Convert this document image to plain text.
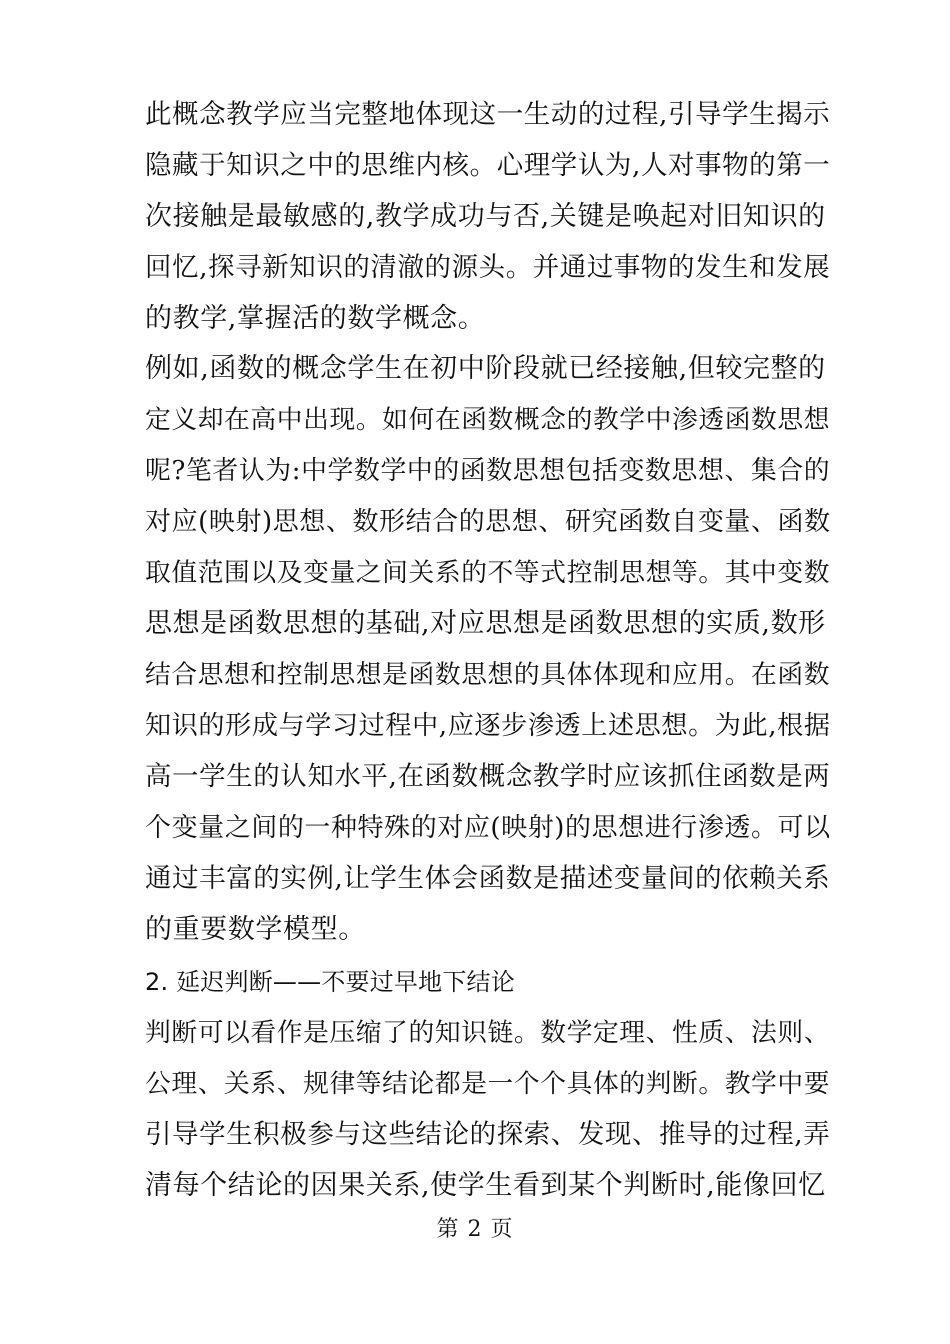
此概念教学应当完整地体现这一生动的过程,引导学生揭示
隐藏于知识之中的思维内核。心理学认为,人对事物的第一
次接触是最敏感的,教学成功与否,关键是唤起对旧知识的
回忆,探寻新知识的清澈的源头。并通过事物的发生和发展
的教学,掌握活的数学概念。
例如,函数的概念学生在初中阶段就已经接触,但较完整的
定义却在高中出现。如何在函数概念的教学中渗透函数思想
呢?笔者认为:中学数学中的函数思想包括变数思想、集合的
对应(映射)思想、数形结合的思想、研究函数自变量、函数
取值范围以及变量之间关系的不等式控制思想等。其中变数
思想是函数思想的基础,对应思想是函数思想的实质,数形
结合思想和控制思想是函数思想的具体体现和应用。在函数
知识的形成与学习过程中,应逐步渗透上述思想。为此,根据
高一学生的认知水平,在函数概念教学时应该抓住函数是两
个变量之间的一种特殊的对应(映射)的思想进行渗透。可以
通过丰富的实例,让学生体会函数是描述变量间的依赖关系
的重要数学模型。
2. 延迟判断——不要过早地下结论
判断可以看作是压缩了的知识链。数学定理、性质、法则、
公理、关系、规律等结论都是一个个具体的判断。教学中要
引导学生积极参与这些结论的探索、发现、推导的过程,弄
清每个结论的因果关系,使学生看到某个判断时,能像回忆
第 2 页
